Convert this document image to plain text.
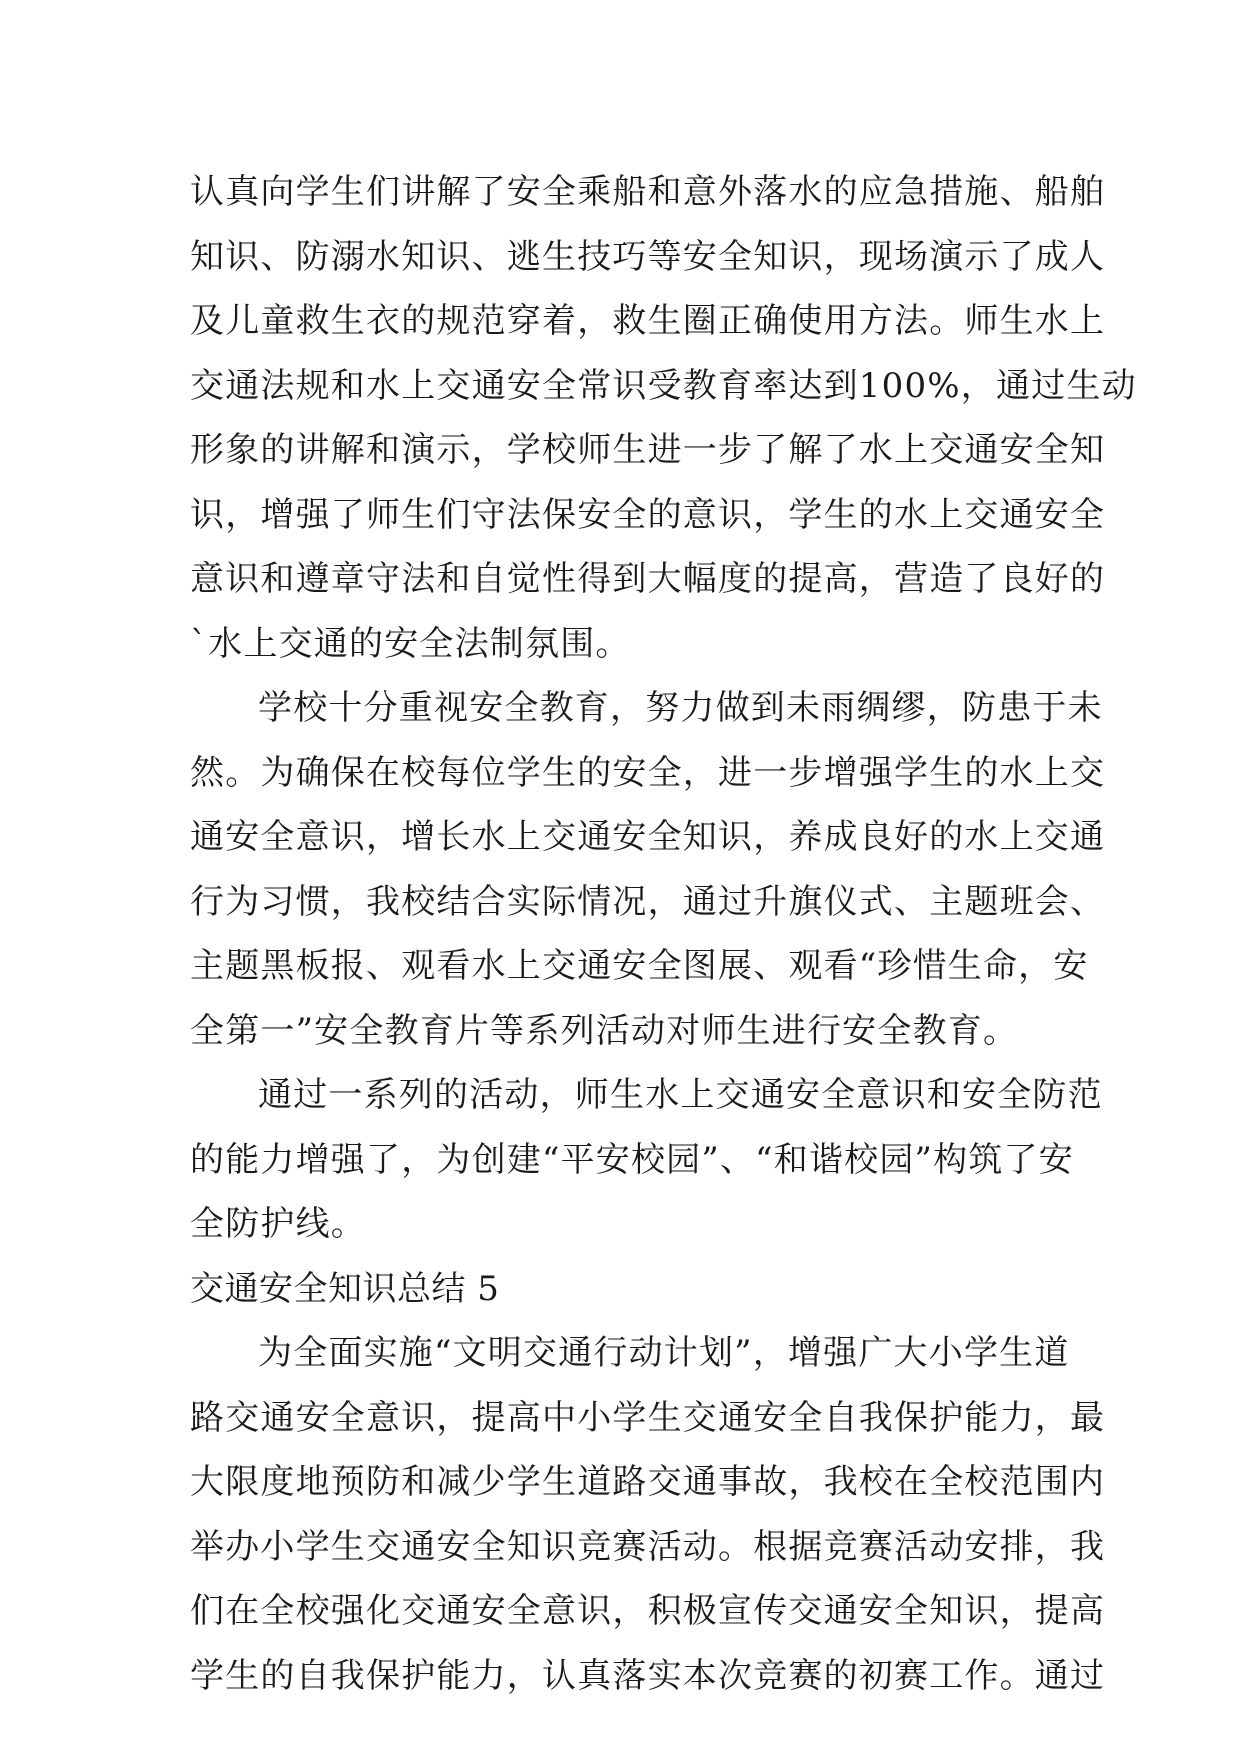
认真向学生们讲解了安全乘船和意外落水的应急措施、船舶
知识、防溺水知识、逃生技巧等安全知识，现场演示了成人
及儿童救生衣的规范穿着，救生圈正确使用方法。师生水上
交通法规和水上交通安全常识受教育率达到100%，通过生动
形象的讲解和演示，学校师生进一步了解了水上交通安全知
识，增强了师生们守法保安全的意识，学生的水上交通安全
意识和遵章守法和自觉性得到大幅度的提高，营造了良好的
`水上交通的安全法制氛围。
学校十分重视安全教育，努力做到未雨绸缪，防患于未
然。为确保在校每位学生的安全，进一步增强学生的水上交
通安全意识，增长水上交通安全知识，养成良好的水上交通
行为习惯，我校结合实际情况，通过升旗仪式、主题班会、
主题黑板报、观看水上交通安全图展、观看“珍惜生命，安
全第一”安全教育片等系列活动对师生进行安全教育。
通过一系列的活动，师生水上交通安全意识和安全防范
的能力增强了，为创建“平安校园”、“和谐校园”构筑了安
全防护线。
交通安全知识总结 5
为全面实施“文明交通行动计划”，增强广大小学生道
路交通安全意识，提高中小学生交通安全自我保护能力，最
大限度地预防和减少学生道路交通事故，我校在全校范围内
举办小学生交通安全知识竞赛活动。根据竞赛活动安排，我
们在全校强化交通安全意识，积极宣传交通安全知识，提高
学生的自我保护能力，认真落实本次竞赛的初赛工作。通过
